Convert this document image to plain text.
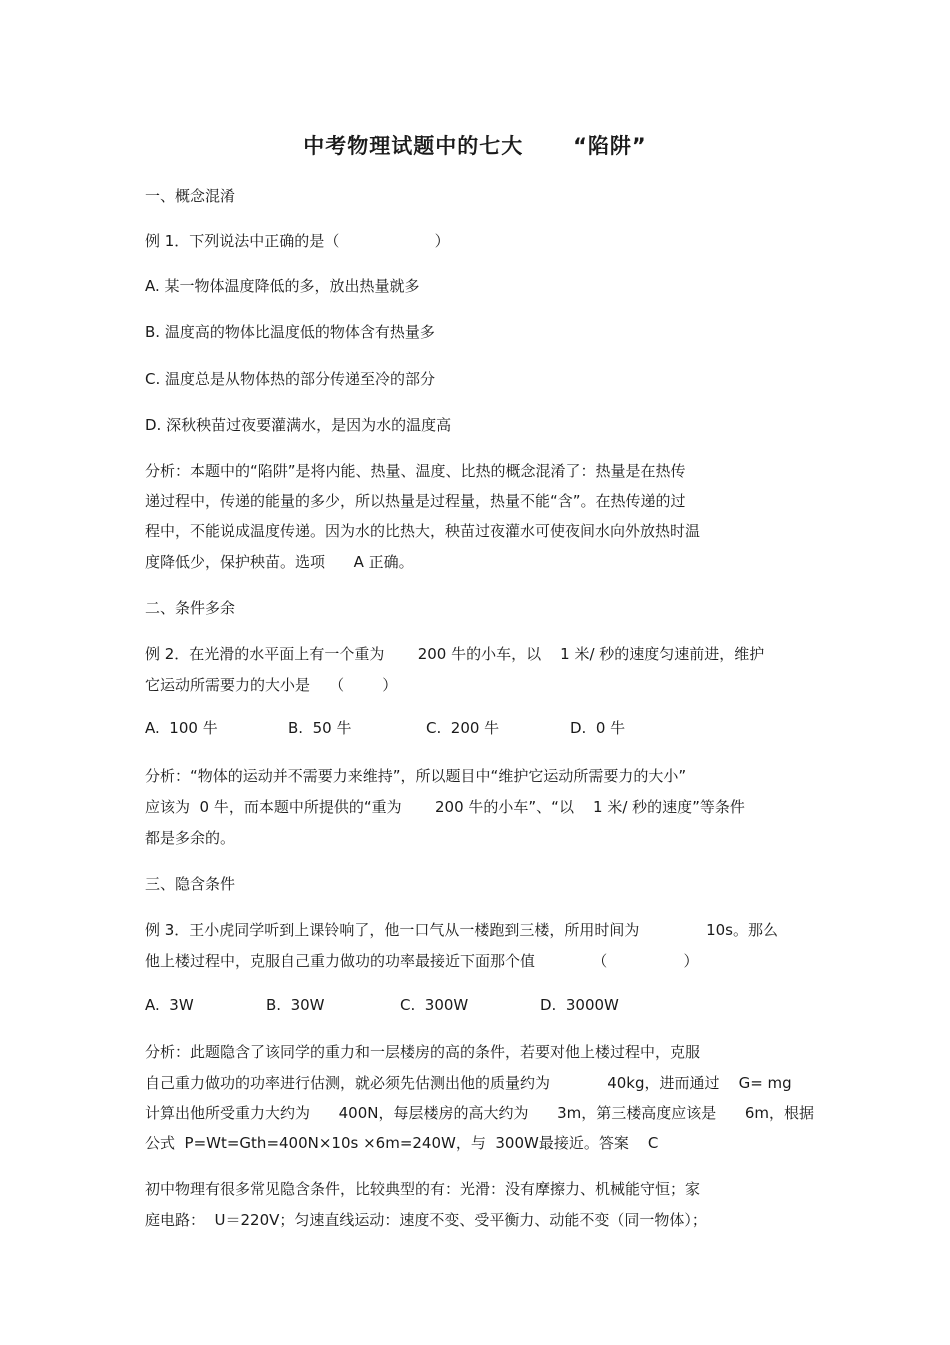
中考物理试题中的七大      “陷阱”
一、概念混淆
例 1．下列说法中正确的是（                    ）
A. 某一物体温度降低的多，放出热量就多
B. 温度高的物体比温度低的物体含有热量多
C. 温度总是从物体热的部分传递至冷的部分
D. 深秋秧苗过夜要灌满水，是因为水的温度高
分析：本题中的“陷阱”是将内能、热量、温度、比热的概念混淆了：热量是在热传
递过程中，传递的能量的多少，所以热量是过程量，热量不能“含”。在热传递的过
程中，不能说成温度传递。因为水的比热大，秧苗过夜灌水可使夜间水向外放热时温
度降低少，保护秧苗。选项      A 正确。
二、条件多余
例 2．在光滑的水平面上有一个重为       200 牛的小车，以    1 米/ 秒的速度匀速前进，维护
它运动所需要力的大小是    （        ）
A.  100 牛	B.  50 牛	C.  200 牛	D.  0 牛
分析：“物体的运动并不需要力来维持”，所以题目中“维护它运动所需要力的大小”
应该为  0 牛，而本题中所提供的“重为       200 牛的小车”、“以    1 米/ 秒的速度”等条件
都是多余的。
三、隐含条件
例 3．王小虎同学听到上课铃响了，他一口气从一楼跑到三楼，所用时间为              10s。那么
他上楼过程中，克服自己重力做功的功率最接近下面那个值            （                ）
A.  3W	B.  30W	C.  300W	D.  3000W
分析：此题隐含了该同学的重力和一层楼房的高的条件，若要对他上楼过程中，克服
自己重力做功的功率进行估测，就必须先估测出他的质量约为            40kg，进而通过    G= mg
计算出他所受重力大约为      400N，每层楼房的高大约为      3m，第三楼高度应该是      6m，根据
公式  P=Wt=Gth=400N×10s ×6m=240W，与  300W最接近。答案    C
初中物理有很多常见隐含条件，比较典型的有：光滑：没有摩擦力、机械能守恒；家
庭电路：  U＝220V；匀速直线运动：速度不变、受平衡力、动能不变（同一物体）；
